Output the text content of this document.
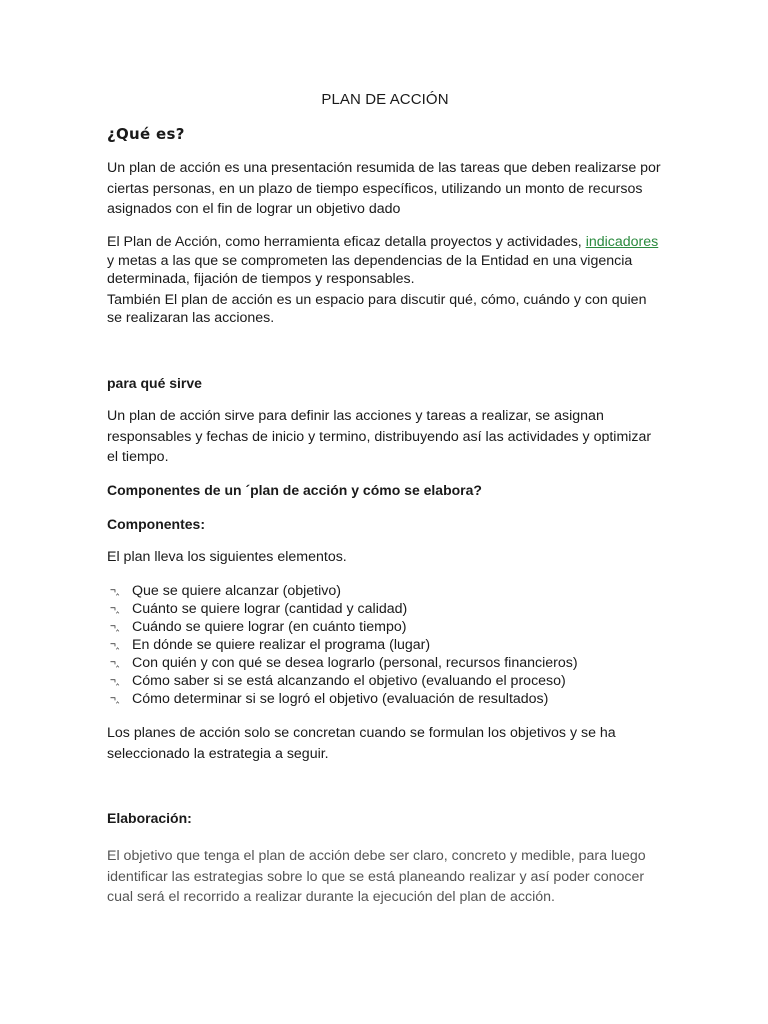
PLAN DE ACCIÓN
¿Qué es?

Un plan de acción es una presentación resumida de las tareas que deben realizarse por ciertas personas, en un plazo de tiempo específicos, utilizando un monto de recursos asignados con el fin de lograr un objetivo dado

El Plan de Acción, como herramienta eficaz detalla proyectos y actividades, indicadores y metas a las que se comprometen las dependencias de la Entidad en una vigencia determinada, fijación de tiempos y responsables.
También El plan de acción es un espacio para discutir qué, cómo, cuándo y con quien se realizaran las acciones.

para qué sirve

Un plan de acción sirve para definir las acciones y tareas a realizar, se asignan responsables y fechas de inicio y termino, distribuyendo así las actividades y optimizar el tiempo.

Componentes de un ´plan de acción y cómo se elabora?
Componentes:

El plan lleva los siguientes elementos.

¬‸ Que se quiere alcanzar (objetivo)
¬‸ Cuánto se quiere lograr (cantidad y calidad)
¬‸ Cuándo se quiere lograr (en cuánto tiempo)
¬‸ En dónde se quiere realizar el programa (lugar)
¬‸ Con quién y con qué se desea lograrlo (personal, recursos financieros)
¬‸ Cómo saber si se está alcanzando el objetivo (evaluando el proceso)
¬‸ Cómo determinar si se logró el objetivo (evaluación de resultados)

Los planes de acción solo se concretan cuando se formulan los objetivos y se ha seleccionado la estrategia a seguir.

Elaboración:

El objetivo que tenga el plan de acción debe ser claro, concreto y medible, para luego identificar las estrategias sobre lo que se está planeando realizar y así poder conocer cual será el recorrido a realizar durante la ejecución del plan de acción.
